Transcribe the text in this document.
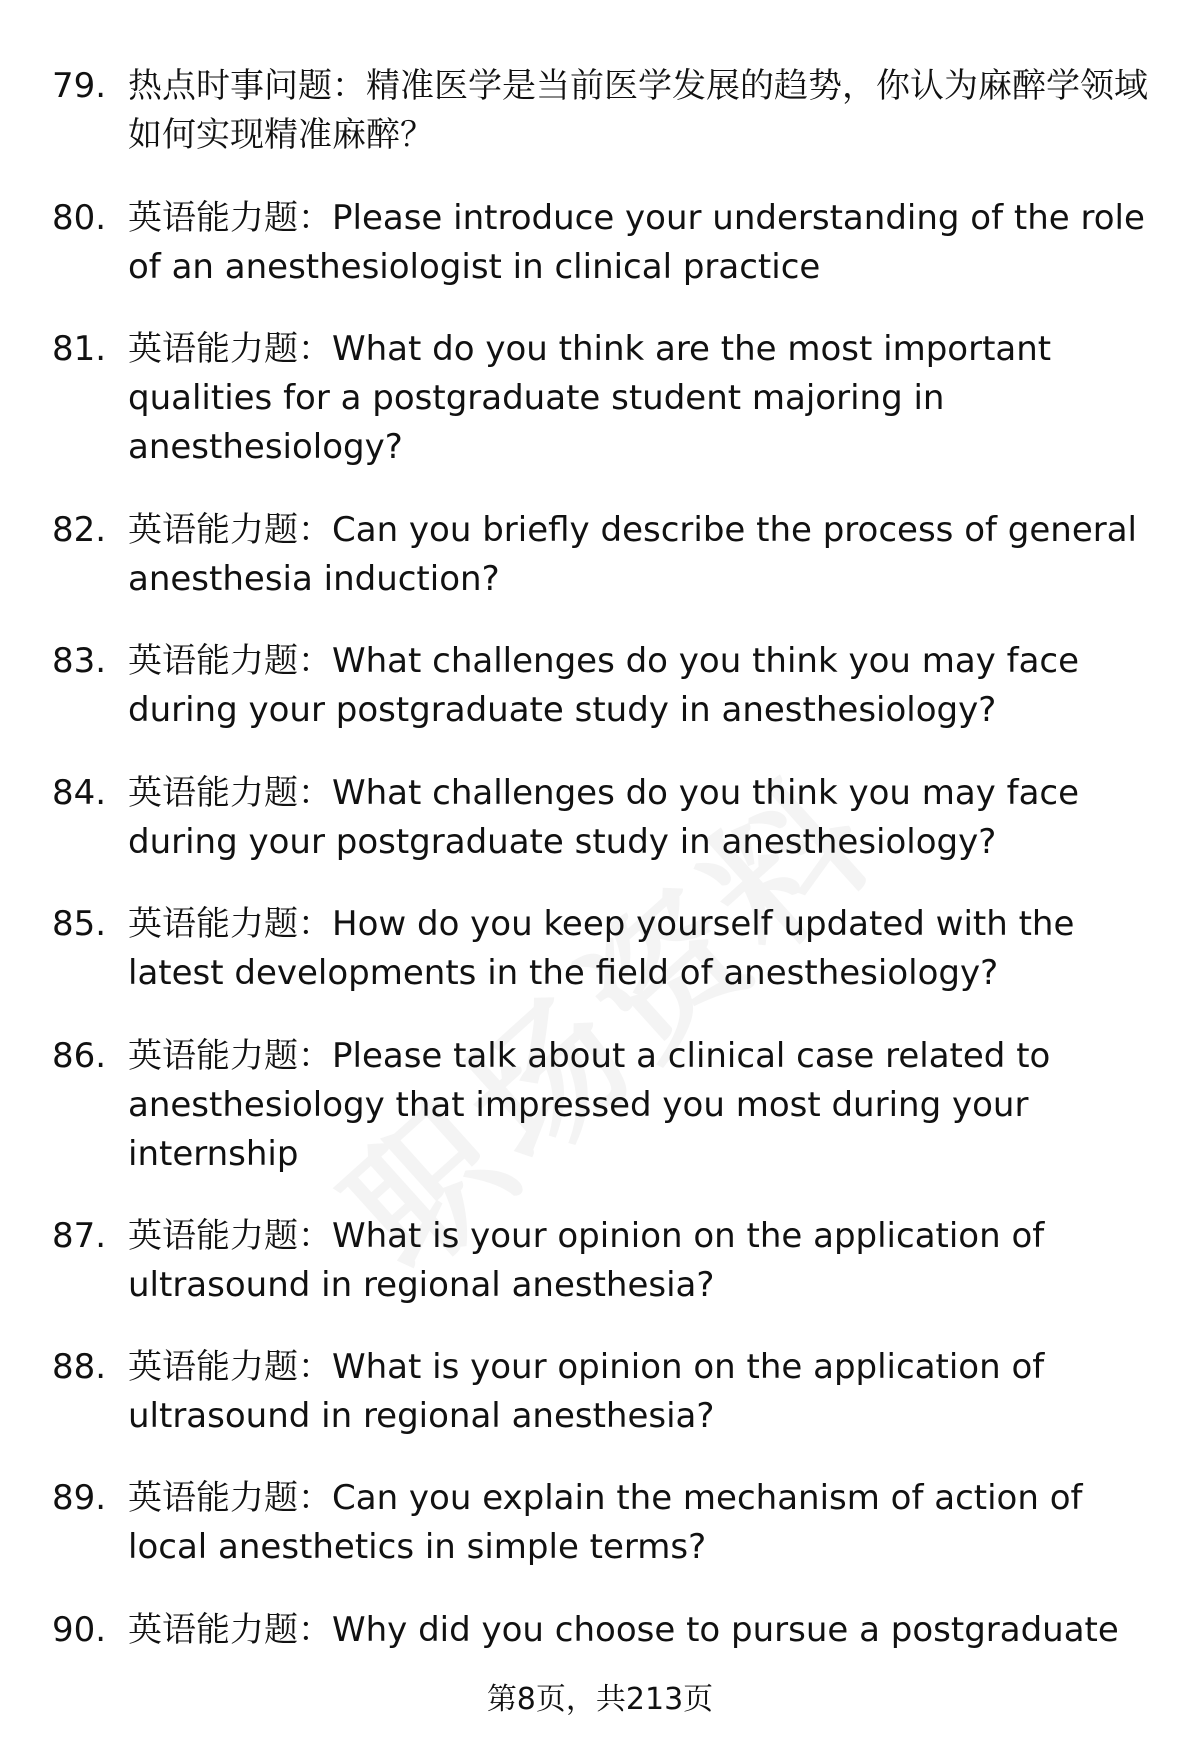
79. 热点时事问题：精准医学是当前医学发展的趋势，你认为麻醉学领域如何实现精准麻醉？
80. 英语能力题：Please introduce your understanding of the role of an anesthesiologist in clinical practice
81. 英语能力题：What do you think are the most important qualities for a postgraduate student majoring in anesthesiology?
82. 英语能力题：Can you briefly describe the process of general anesthesia induction?
83. 英语能力题：What challenges do you think you may face during your postgraduate study in anesthesiology?
84. 英语能力题：What challenges do you think you may face during your postgraduate study in anesthesiology?
85. 英语能力题：How do you keep yourself updated with the latest developments in the field of anesthesiology?
86. 英语能力题：Please talk about a clinical case related to anesthesiology that impressed you most during your internship
87. 英语能力题：What is your opinion on the application of ultrasound in regional anesthesia?
88. 英语能力题：What is your opinion on the application of ultrasound in regional anesthesia?
89. 英语能力题：Can you explain the mechanism of action of local anesthetics in simple terms?
90. 英语能力题：Why did you choose to pursue a postgraduate
第8页，共213页
